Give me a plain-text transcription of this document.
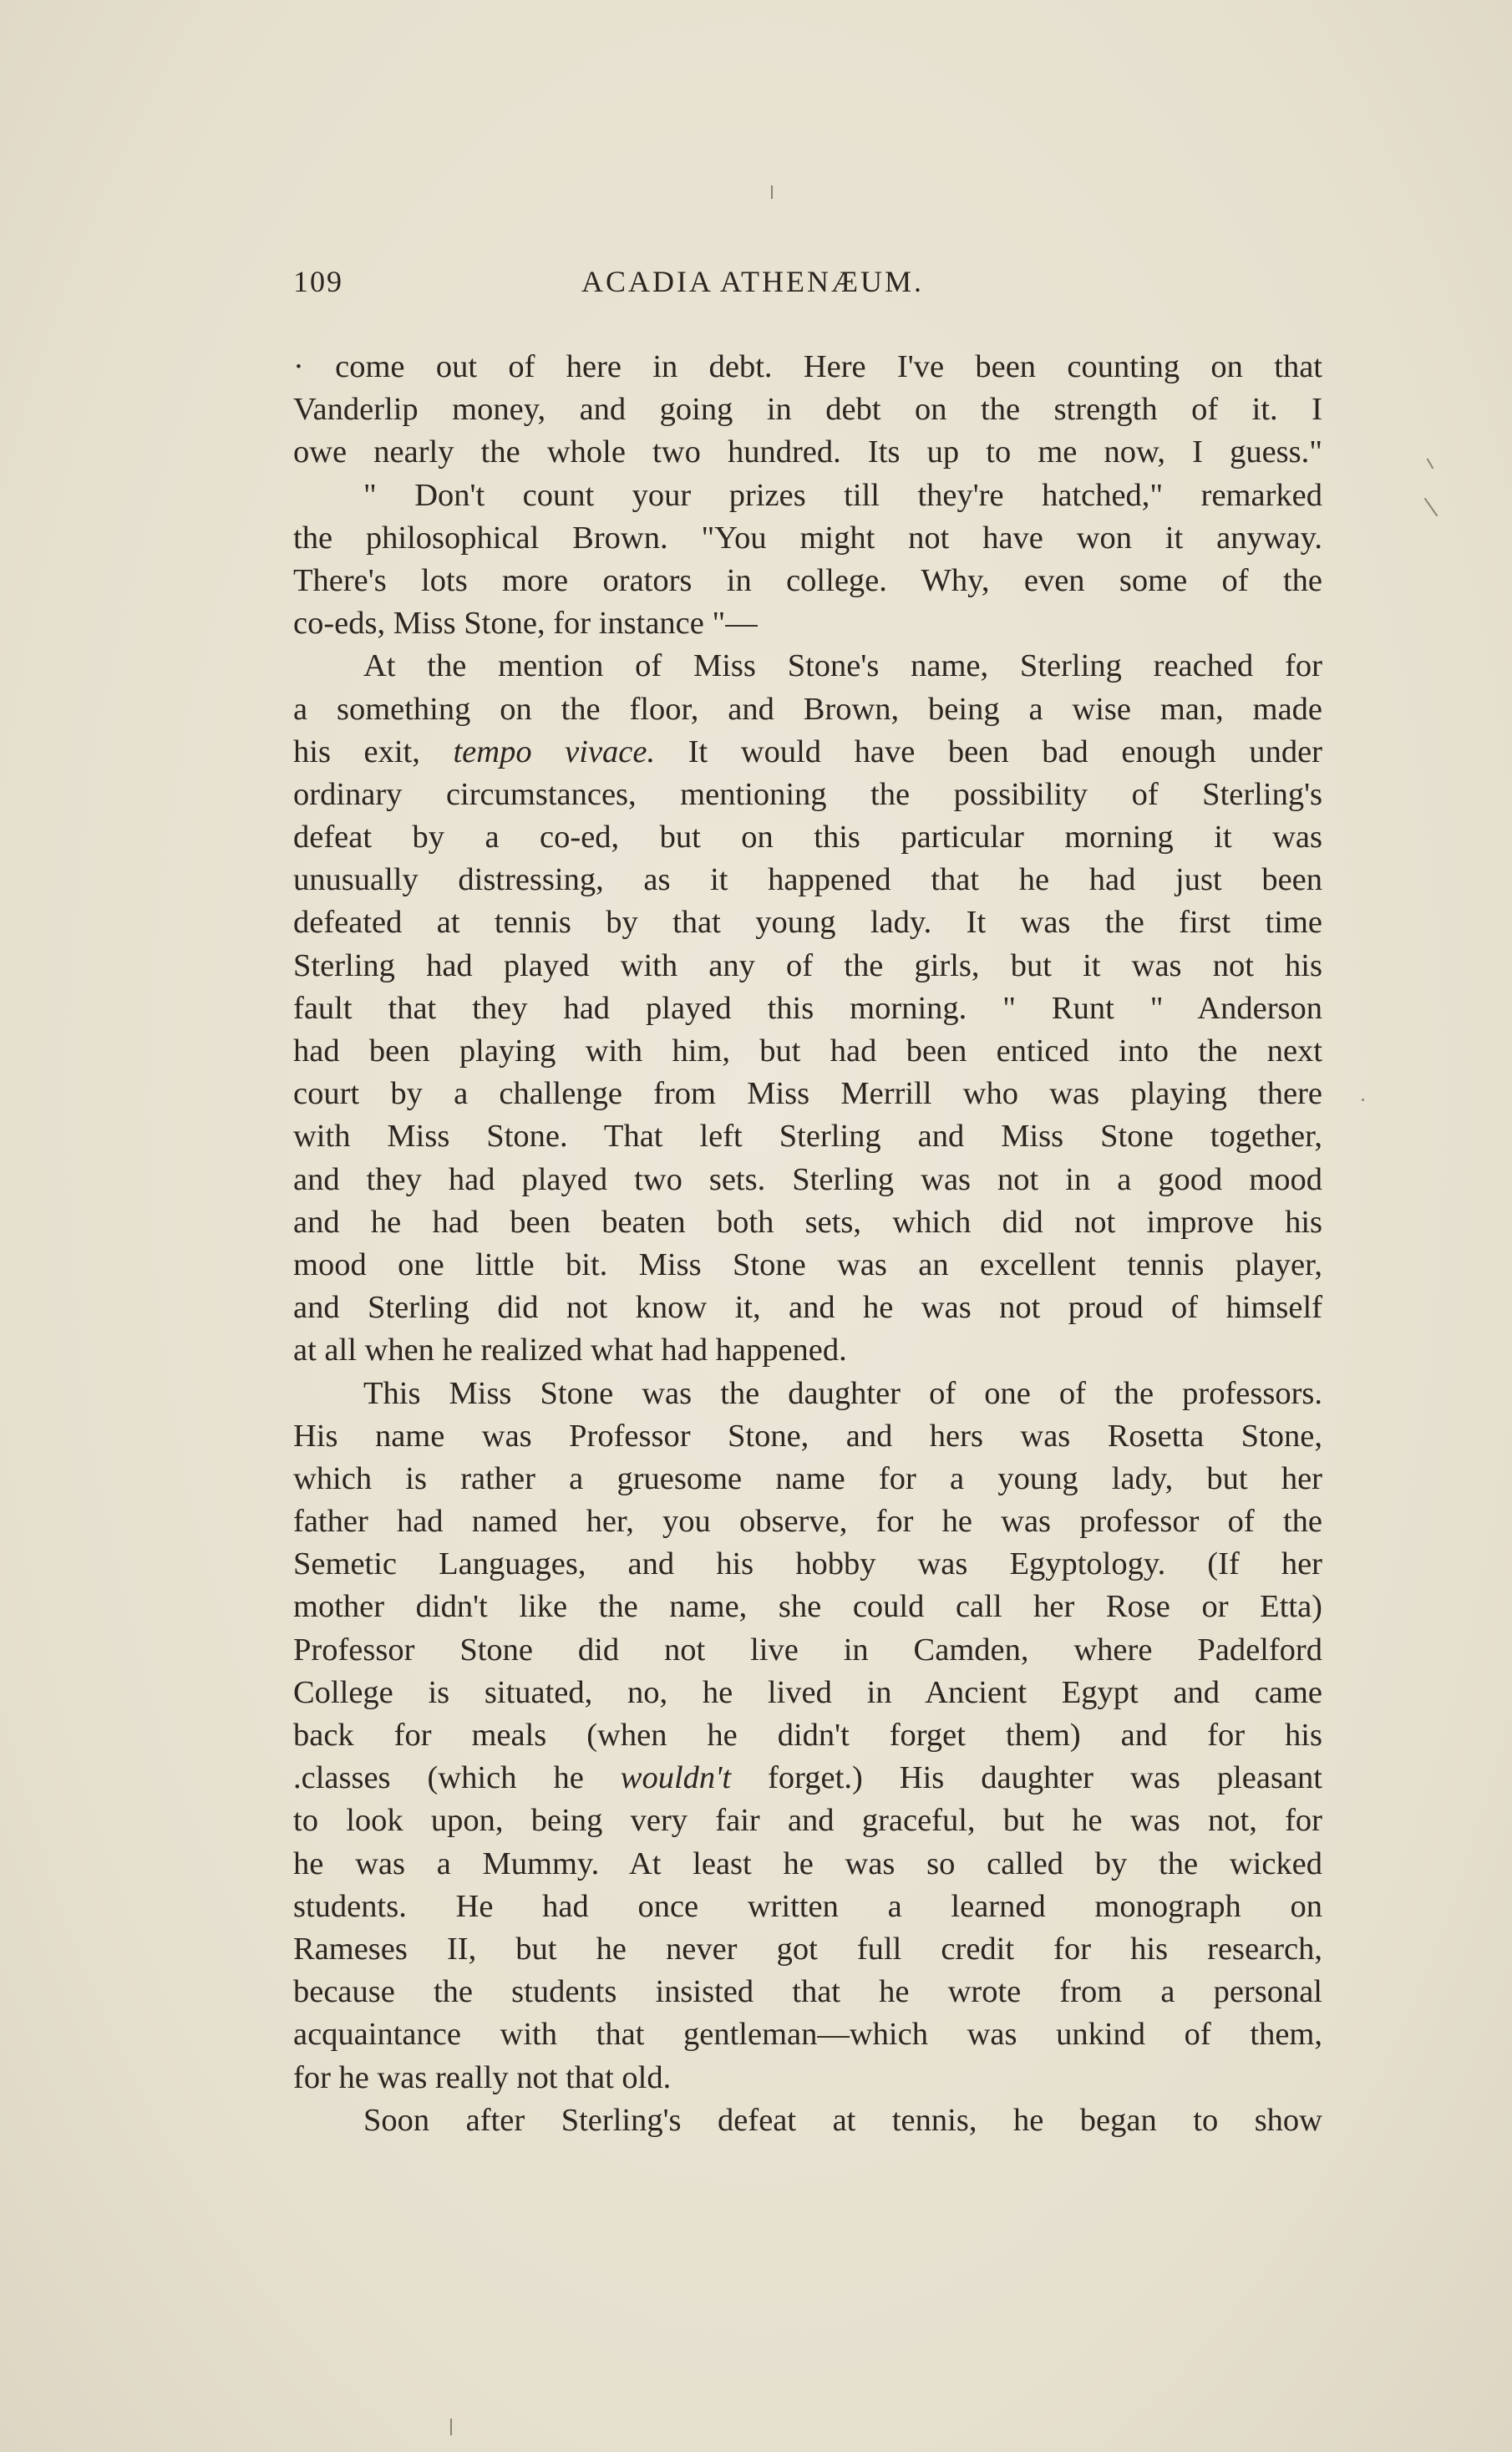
109	ACADIA ATHENÆUM.
· come out of here in debt. Here I've been counting on that
Vanderlip money, and going in debt on the strength of it. I
owe nearly the whole two hundred. Its up to me now, I guess."
" Don't count your prizes till they're hatched," remarked
the philosophical Brown. "You might not have won it anyway.
There's lots more orators in college. Why, even some of the
co-eds, Miss Stone, for instance "—
At the mention of Miss Stone's name, Sterling reached for
a something on the floor, and Brown, being a wise man, made
his exit, tempo vivace. It would have been bad enough under
ordinary circumstances, mentioning the possibility of Sterling's
defeat by a co-ed, but on this particular morning it was
unusually distressing, as it happened that he had just been
defeated at tennis by that young lady. It was the first time
Sterling had played with any of the girls, but it was not his
fault that they had played this morning. " Runt " Anderson
had been playing with him, but had been enticed into the next
court by a challenge from Miss Merrill who was playing there
with Miss Stone. That left Sterling and Miss Stone together,
and they had played two sets. Sterling was not in a good mood
and he had been beaten both sets, which did not improve his
mood one little bit. Miss Stone was an excellent tennis player,
and Sterling did not know it, and he was not proud of himself
at all when he realized what had happened.
This Miss Stone was the daughter of one of the professors.
His name was Professor Stone, and hers was Rosetta Stone,
which is rather a gruesome name for a young lady, but her
father had named her, you observe, for he was professor of the
Semetic Languages, and his hobby was Egyptology. (If her
mother didn't like the name, she could call her Rose or Etta)
Professor Stone did not live in Camden, where Padelford
College is situated, no, he lived in Ancient Egypt and came
back for meals (when he didn't forget them) and for his
.classes (which he wouldn't forget.) His daughter was pleasant
to look upon, being very fair and graceful, but he was not, for
he was a Mummy. At least he was so called by the wicked
students. He had once written a learned monograph on
Rameses II, but he never got full credit for his research,
because the students insisted that he wrote from a personal
acquaintance with that gentleman—which was unkind of them,
for he was really not that old.
Soon after Sterling's defeat at tennis, he began to show
